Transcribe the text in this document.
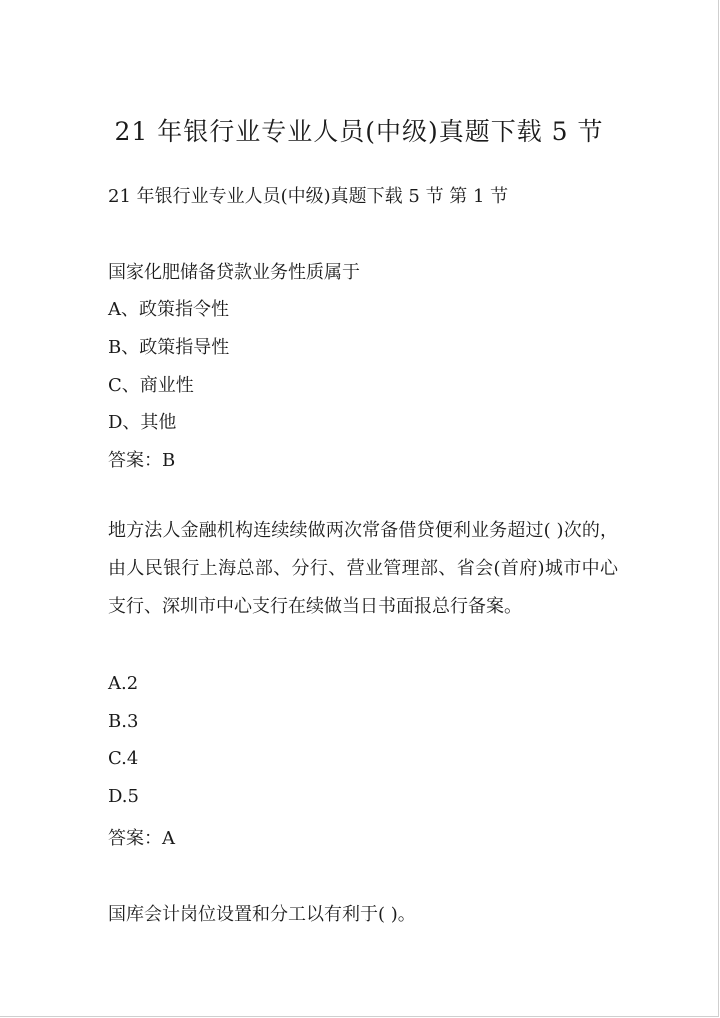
21 年银行业专业人员(中级)真题下载 5 节
21 年银行业专业人员(中级)真题下载 5 节 第 1 节
国家化肥储备贷款业务性质属于
A、政策指令性
B、政策指导性
C、商业性
D、其他
答案：B
地方法人金融机构连续续做两次常备借贷便利业务超过( )次的，由人民银行上海总部、分行、营业管理部、省会(首府)城市中心支行、深圳市中心支行在续做当日书面报总行备案。
A.2
B.3
C.4
D.5
答案：A
国库会计岗位设置和分工以有利于( )。
